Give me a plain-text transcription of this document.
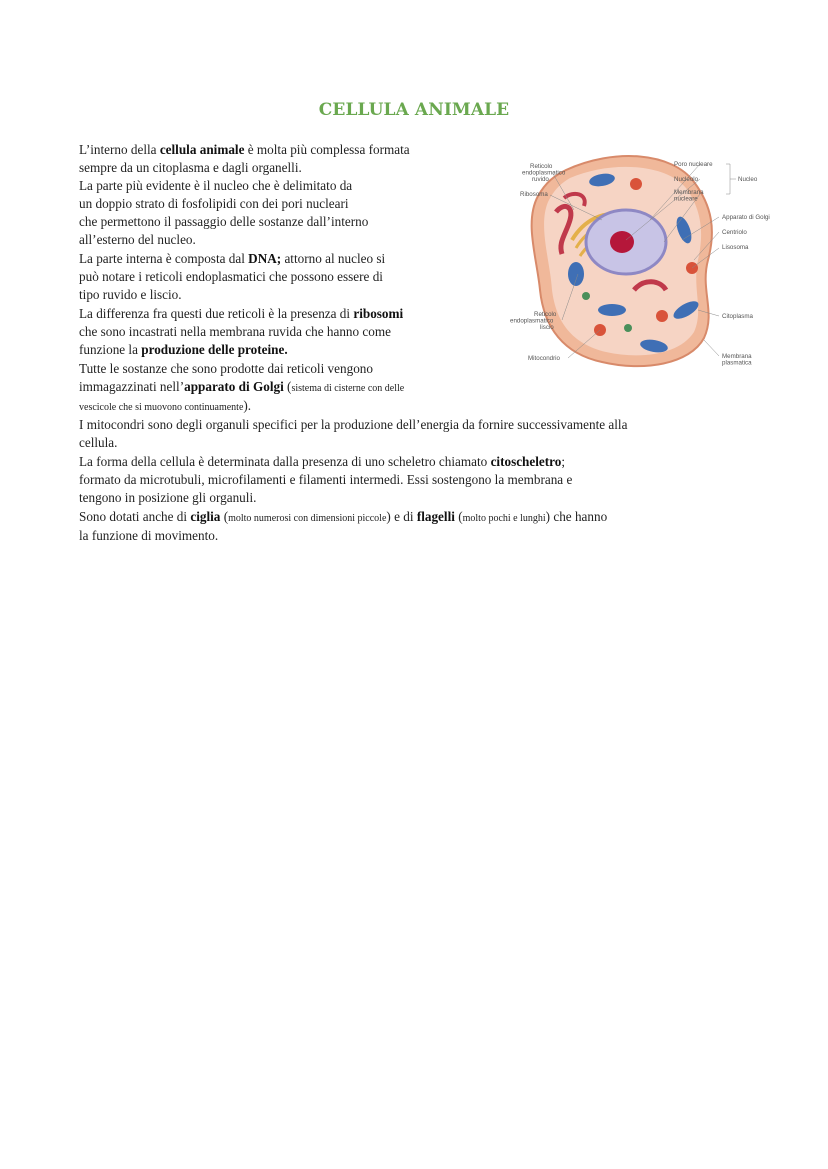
CELLULA ANIMALE
L’interno della cellula animale è molta più complessa formata
sempre da un citoplasma e dagli organelli.
La parte più evidente è il nucleo che è delimitato da
un doppio strato di fosfolipidi con dei pori nucleari
che permettono il passaggio delle sostanze dall’interno
all’esterno del nucleo.
La parte interna è composta dal DNA; attorno al nucleo si
può notare i reticoli endoplasmatici che possono essere di
tipo ruvido e liscio.
La differenza fra questi due reticoli è la presenza di ribosomi
che sono incastrati nella membrana ruvida che hanno come
funzione la produzione delle proteine.
Tutte le sostanze che sono prodotte dai reticoli vengono
immagazzinati nell’apparato di Golgi (sistema di cisterne con delle
vescicole che si muovono continuamente).
I mitocondri sono degli organuli specifici per la produzione dell’energia da fornire successivamente alla
cellula.
La forma della cellula è determinata dalla presenza di uno scheletro chiamato citoscheletro;
formato da microtubuli, microfilamenti e filamenti intermedi. Essi sostengono la membrana e
tengono in posizione gli organuli.
Sono dotati anche di ciglia (molto numerosi con dimensioni piccole) e di flagelli (molto pochi e lunghi) che hanno
la funzione di movimento.
Reticolo endoplasmatico ruvido
Ribosoma
Poro nucleare
Nucleolo
Membrana nucleare
Nucleo
Apparato di Golgi
Centriolo
Lisosoma
Citoplasma
Reticolo endoplasmatico liscio
Mitocondrio	Membrana plasmatica
